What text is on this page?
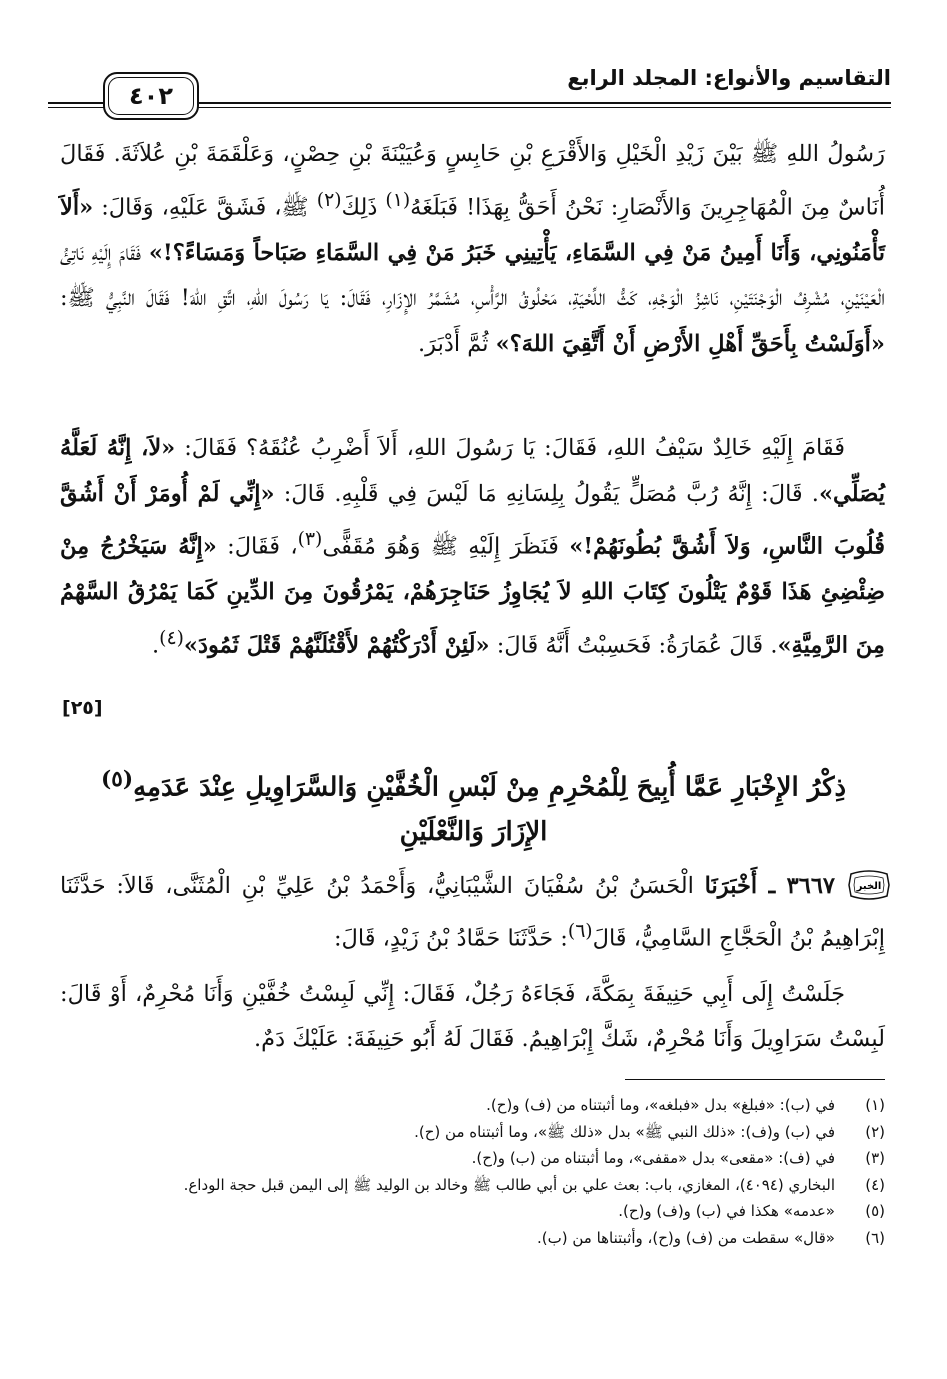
التقاسيم والأنواع: المجلد الرابع
٤٠٢

رَسُولُ اللهِ ﷺ بَيْنَ زَيْدِ الْخَيْلِ وَالأَقْرَعِ بْنِ حَابِسٍ وَعُيَيْنَةَ بْنِ حِصْنٍ، وَعَلْقَمَةَ بْنِ عُلاَثَةَ. فَقَالَ أُنَاسٌ مِنَ الْمُهَاجِرِينَ وَالأَنْصَارِ: نَحْنُ أَحَقُّ بِهَذَا! فَبَلَغَهُ$^{(١)}$ ذَلِكَ$^{(٢)}$ ﷺ، فَشَقَّ عَلَيْهِ، وَقَالَ: «أَلاَ تَأْمَنُونِي، وَأَنَا أَمِينُ مَنْ فِي السَّمَاءِ، يَأْتِينِي خَبَرُ مَنْ فِي السَّمَاءِ صَبَاحاً وَمَسَاءً؟!» فَقَامَ إِلَيْهِ نَاتِئُ الْعَيْنَيْنِ، مُشْرِفُ الْوَجْنَتَيْنِ، نَاشِزُ الْوَجْهِ، كَثُّ اللِّحْيَةِ، مَحْلُوقُ الرَّأْسِ، مُشَمَّرُ الإِزَارِ، فَقَالَ: يَا رَسُولَ اللهِ، اتَّقِ اللهَ! فَقَالَ النَّبِيُّ ﷺ: «أَوَلَسْتُ بِأَحَقِّ أَهْلِ الأَرْضِ أَنْ أَتَّقِيَ اللهَ؟» ثُمَّ أَدْبَرَ.

فَقَامَ إِلَيْهِ خَالِدٌ سَيْفُ اللهِ، فَقَالَ: يَا رَسُولَ اللهِ، أَلاَ أَضْرِبُ عُنُقَهُ؟ فَقَالَ: «لاَ، إِنَّهُ لَعَلَّهُ يُصَلِّي». قَالَ: إِنَّهُ رُبَّ مُصَلٍّ يَقُولُ بِلِسَانِهِ مَا لَيْسَ فِي قَلْبِهِ. قَالَ: «إِنِّي لَمْ أُومَرْ أَنْ أَشُقَّ قُلُوبَ النَّاسِ، وَلاَ أَشُقَّ بُطُونَهُمْ!» فَنَظَرَ إِلَيْهِ ﷺ وَهُوَ مُقَفًّى$^{(٣)}$، فَقَالَ: «إِنَّهُ سَيَخْرُجُ مِنْ ضِئْضِئِ هَذَا قَوْمٌ يَتْلُونَ كِتَابَ اللهِ لاَ يُجَاوِزُ حَنَاجِرَهُمْ، يَمْرُقُونَ مِنَ الدِّينِ كَمَا يَمْرُقُ السَّهْمُ مِنَ الرَّمِيَّةِ». قَالَ عُمَارَةُ: فَحَسِبْتُ أَنَّهُ قَالَ: «لَئِنْ أَدْرَكْتُهُمْ لأَقْتُلَنَّهُمْ قَتْلَ ثَمُودَ»$^{(٤)}$.

[٢٥]
ذِكْرُ الإِخْبَارِ عَمَّا أُبِيحَ لِلْمُحْرِمِ مِنْ لَبْسِ الْخُفَّيْنِ وَالسَّرَاوِيلِ عِنْدَ عَدَمِهِ$^{(٥)}$ الإِزَارَ وَالنَّعْلَيْنِ

٣٦٦٧ ـ أَخْبَرَنَا الْحَسَنُ بْنُ سُفْيَانَ الشَّيْبَانِيُّ، وَأَحْمَدُ بْنُ عَلِيِّ بْنِ الْمُثَنَّى، قَالاَ: حَدَّثَنَا إِبْرَاهِيمُ بْنُ الْحَجَّاجِ السَّامِيُّ، قَالَ$^{(٦)}$: حَدَّثَنَا حَمَّادُ بْنُ زَيْدٍ، قَالَ:

جَلَسْتُ إِلَى أَبِي حَنِيفَةَ بِمَكَّةَ، فَجَاءَهُ رَجُلٌ، فَقَالَ: إِنِّي لَبِسْتُ خُفَّيْنِ وَأَنَا مُحْرِمٌ، أَوْ قَالَ: لَبِسْتُ سَرَاوِيلَ وَأَنَا مُحْرِمٌ، شَكَّ إِبْرَاهِيمُ. فَقَالَ لَهُ أَبُو حَنِيفَةَ: عَلَيْكَ دَمٌ.

الخبر

(١)
في (ب): «فبلغ» بدل «فبلغه»، وما أثبتناه من (ف) و(ح).

(٢)
في (ب) و(ف): «ذلك النبي ﷺ» بدل «ذلك ﷺ»، وما أثبتناه من (ح).

(٣)
في (ف): «مقعى» بدل «مقفى»، وما أثبتناه من (ب) و(ح).

(٤)
البخاري (٤٠٩٤)، المغازي، باب: بعث علي بن أبي طالب ﷺ وخالد بن الوليد ﷺ إلى اليمن قبل حجة الوداع.

(٥)
«عدمه» هكذا في (ب) و(ف) و(ح).

(٦)
«قال» سقطت من (ف) و(ح)، وأثبتناها من (ب).
